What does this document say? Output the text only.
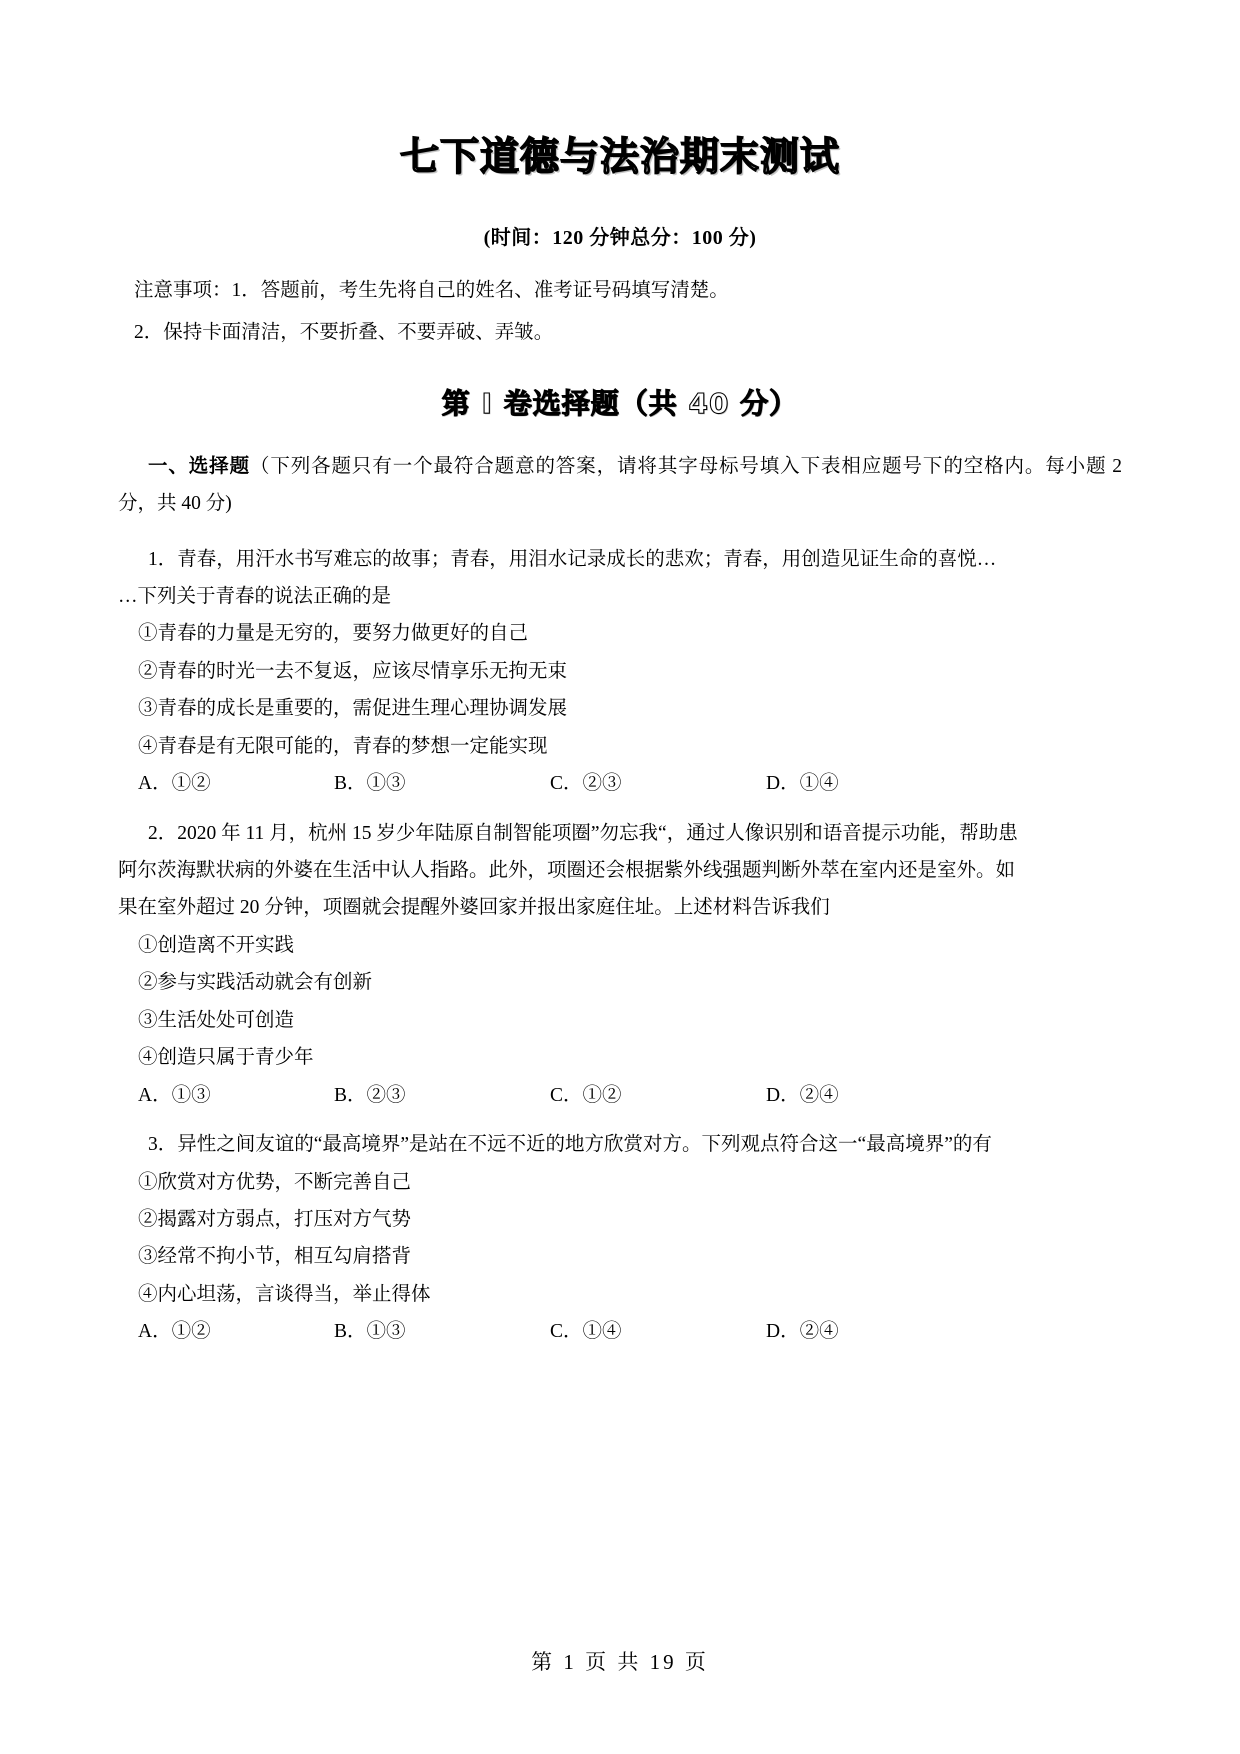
七下道德与法治期末测试
(时间：120 分钟总分：100 分)

注意事项：1．答题前，考生先将自己的姓名、准考证号码填写清楚。

2．保持卡面清洁，不要折叠、不要弄破、弄皱。

第 I 卷选择题（共 40 分）

一、选择题（下列各题只有一个最符合题意的答案，请将其字母标号填入下表相应题号下的空格内。每小题 2 分，共 40 分)

1．青春，用汗水书写难忘的故事；青春，用泪水记录成长的悲欢；青春，用创造见证生命的喜悦…

…下列关于青春的说法正确的是

①青春的力量是无穷的，要努力做更好的自己

②青春的时光一去不复返，应该尽情享乐无拘无束

③青春的成长是重要的，需促进生理心理协调发展

④青春是有无限可能的，青春的梦想一定能实现

A．①②	B．①③	C．②③	D．①④

2．2020 年 11 月，杭州 15 岁少年陆原自制智能项圈”勿忘我“，通过人像识别和语音提示功能，帮助患

阿尔茨海默状病的外婆在生活中认人指路。此外，项圈还会根据紫外线强题判断外萃在室内还是室外。如

果在室外超过 20 分钟，项圈就会提醒外婆回家并报出家庭住址。上述材料告诉我们

①创造离不开实践

②参与实践活动就会有创新

③生活处处可创造

④创造只属于青少年

A．①③	B．②③	C．①②	D．②④

3．异性之间友谊的“最高境界”是站在不远不近的地方欣赏对方。下列观点符合这一“最高境界”的有

①欣赏对方优势，不断完善自己

②揭露对方弱点，打压对方气势

③经常不拘小节，相互勾肩搭背

④内心坦荡，言谈得当，举止得体

A．①②	B．①③	C．①④	D．②④
第 1 页 共 19 页
